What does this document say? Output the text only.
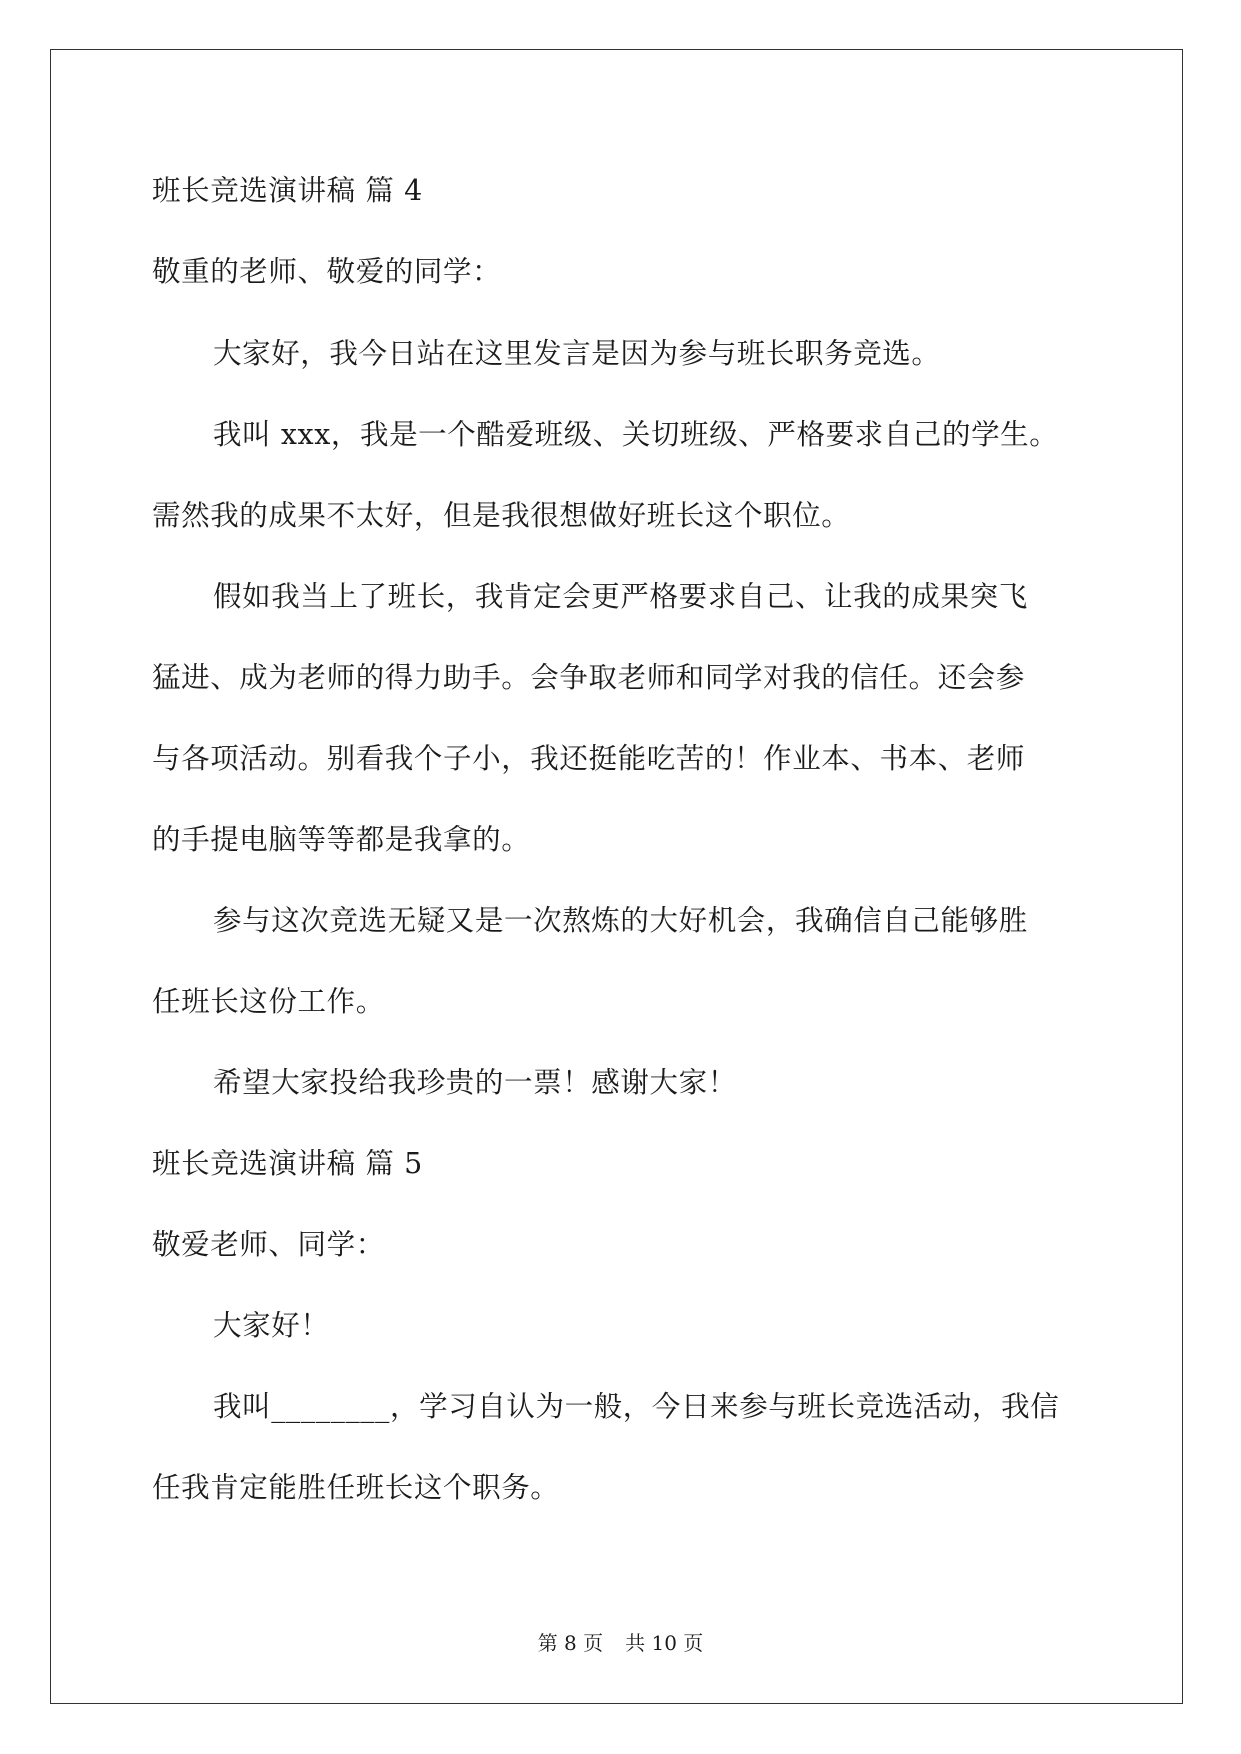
班长竞选演讲稿 篇 4
敬重的老师、敬爱的同学：
大家好，我今日站在这里发言是因为参与班长职务竞选。
我叫 xxx，我是一个酷爱班级、关切班级、严格要求自己的学生。
需然我的成果不太好，但是我很想做好班长这个职位。
假如我当上了班长，我肯定会更严格要求自己、让我的成果突飞
猛进、成为老师的得力助手。会争取老师和同学对我的信任。还会参
与各项活动。别看我个子小，我还挺能吃苦的！作业本、书本、老师
的手提电脑等等都是我拿的。
参与这次竞选无疑又是一次熬炼的大好机会，我确信自己能够胜
任班长这份工作。
希望大家投给我珍贵的一票！感谢大家！
班长竞选演讲稿 篇 5
敬爱老师、同学：
大家好！
我叫________，学习自认为一般，今日来参与班长竞选活动，我信
任我肯定能胜任班长这个职务。
第 8 页 共 10 页
